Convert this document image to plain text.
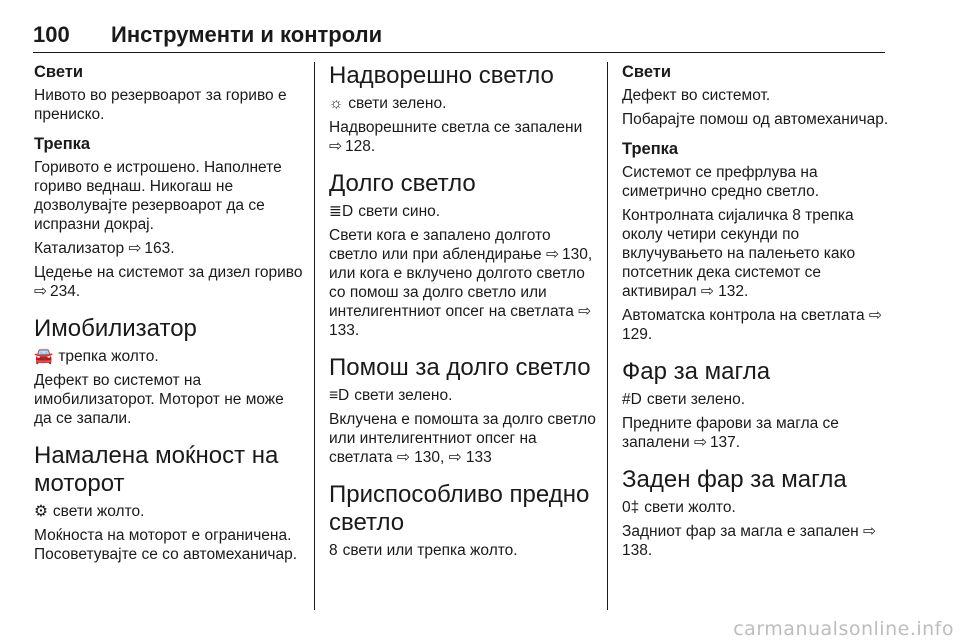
100 Инструменти и контроли
Свети
Нивото во резервоарот за гориво е прениско.
Трепка
Горивото е истрошено. Наполнете гориво веднаш. Никогаш не дозволувајте резервоарот да се испразни докрај.
Катализатор ⇨ 163.
Цедење на системот за дизел гориво ⇨ 234.
Имобилизатор
🚘 трепка жолто.
Дефект во системот на имобилизаторот. Моторот не може да се запали.
Намалена моќност на моторот
⚙ свети жолто.
Моќноста на моторот е ограничена. Посоветувајте се со автомеханичар.
Надворешно светло
☼ свети зелено.
Надворешните светла се запалени ⇨ 128.
Долго светло
≣D свети сино.
Свети кога е запалено долгото светло или при аблендирање ⇨ 130, или кога е вклучено долгото светло со помош за долго светло или интелигентниот опсег на светлата ⇨ 133.
Помош за долго светло
≡D свети зелено.
Вклучена е помошта за долго светло или интелигентниот опсег на светлата ⇨ 130, ⇨ 133
Приспособливо предно светло
8 свети или трепка жолто.
Свети
Дефект во системот.
Побарајте помош од автомеханичар.
Трепка
Системот се префрлува на симетрично средно светло.
Контролната сијаличка 8 трепка околу четири секунди по вклучувањето на палењето како потсетник дека системот се активирал ⇨ 132.
Автоматска контрола на светлата ⇨129.
Фар за магла
#D свети зелено.
Предните фарови за магла се запалени ⇨ 137.
Заден фар за магла
0‡ свети жолто.
Задниот фар за магла е запален ⇨138.
carmanualsonline.info
